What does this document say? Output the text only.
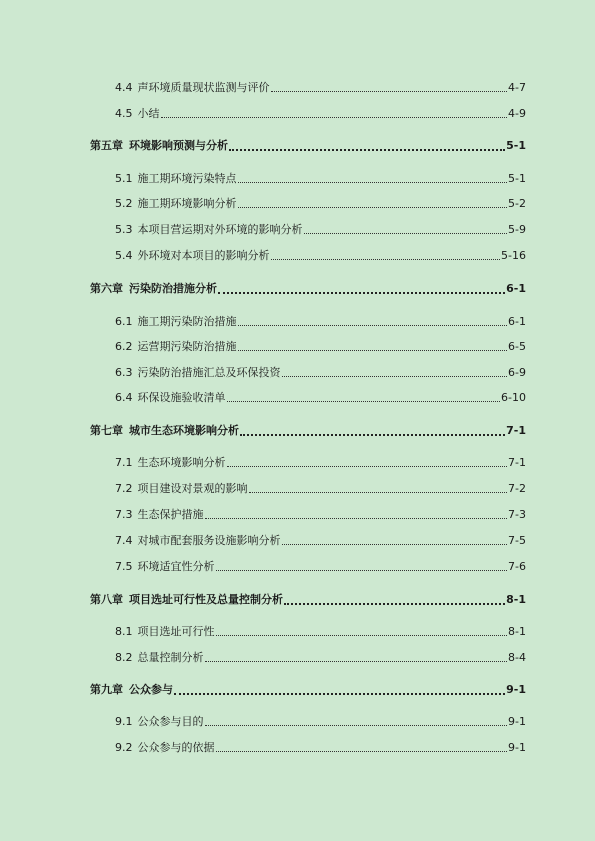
4.4 声环境质量现状监测与评价	4-7
4.5 小结	4-9
第五章 环境影响预测与分析	5-1
5.1 施工期环境污染特点	5-1
5.2 施工期环境影响分析	5-2
5.3 本项目营运期对外环境的影响分析	5-9
5.4 外环境对本项目的影响分析	5-16
第六章 污染防治措施分析	6-1
6.1 施工期污染防治措施	6-1
6.2 运营期污染防治措施	6-5
6.3 污染防治措施汇总及环保投资	6-9
6.4 环保设施验收清单	6-10
第七章 城市生态环境影响分析	7-1
7.1 生态环境影响分析	7-1
7.2 项目建设对景观的影响	7-2
7.3 生态保护措施	7-3
7.4 对城市配套服务设施影响分析	7-5
7.5 环境适宜性分析	7-6
第八章 项目选址可行性及总量控制分析	8-1
8.1 项目选址可行性	8-1
8.2 总量控制分析	8-4
第九章 公众参与	9-1
9.1 公众参与目的	9-1
9.2 公众参与的依据	9-1
